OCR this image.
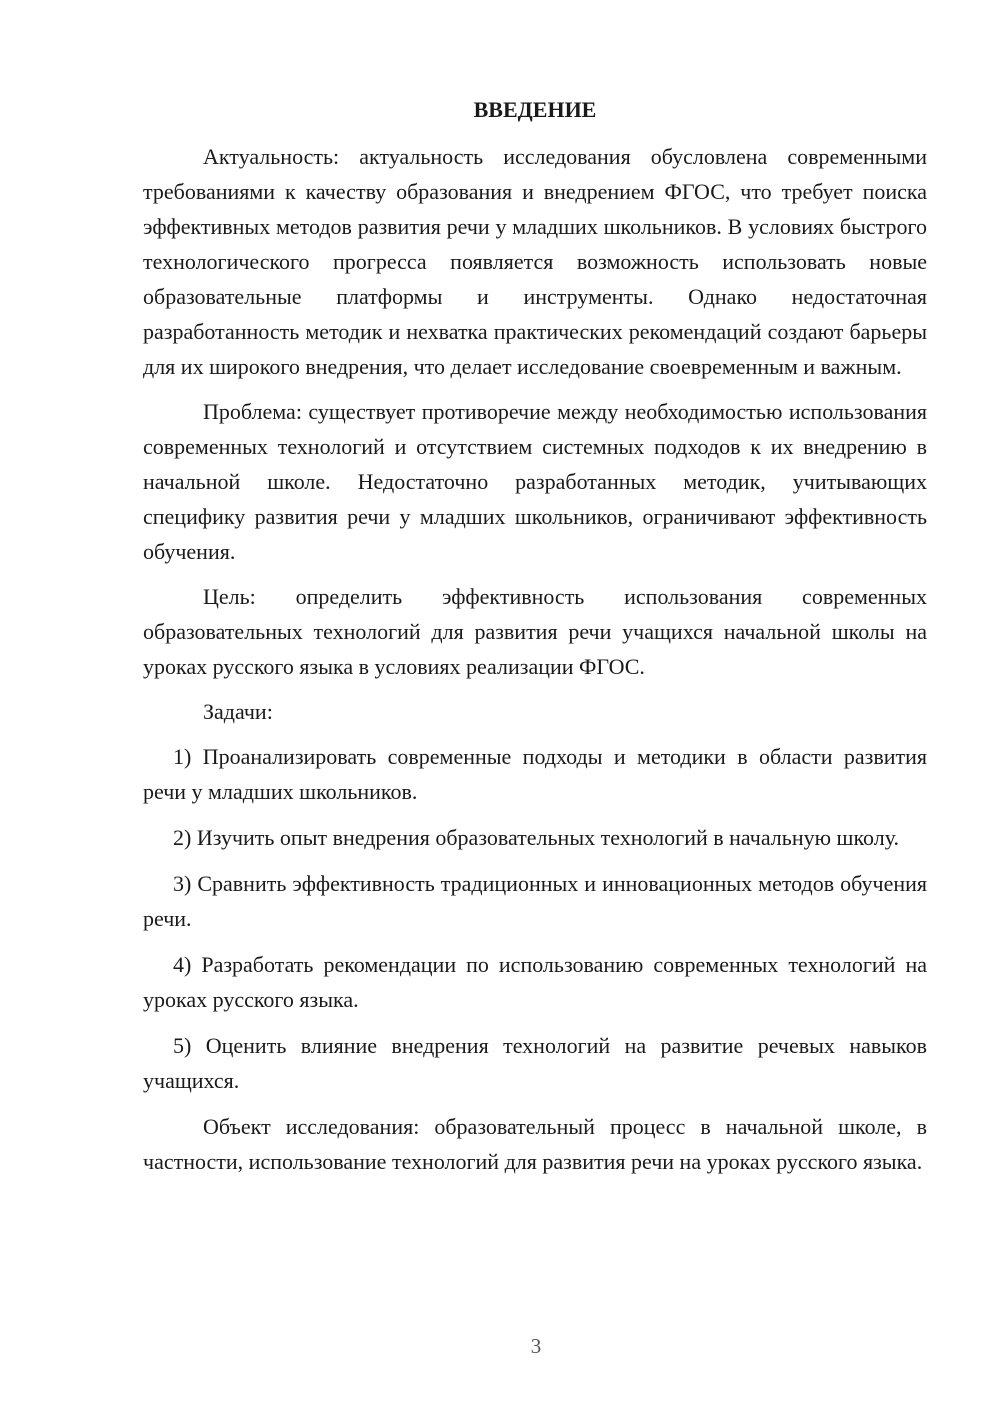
ВВЕДЕНИЕ

Актуальность: актуальность исследования обусловлена современными требованиями к качеству образования и внедрением ФГОС, что требует поиска эффективных методов развития речи у младших школьников. В условиях быстрого технологического прогресса появляется возможность использовать новые образовательные платформы и инструменты. Однако недостаточная разработанность методик и нехватка практических рекомендаций создают барьеры для их широкого внедрения, что делает исследование своевременным и важным.

Проблема: существует противоречие между необходимостью использования современных технологий и отсутствием системных подходов к их внедрению в начальной школе. Недостаточно разработанных методик, учитывающих специфику развития речи у младших школьников, ограничивают эффективность обучения.

Цель: определить эффективность использования современных образовательных технологий для развития речи учащихся начальной школы на уроках русского языка в условиях реализации ФГОС.

Задачи:

1) Проанализировать современные подходы и методики в области развития речи у младших школьников.

2) Изучить опыт внедрения образовательных технологий в начальную школу.

3) Сравнить эффективность традиционных и инновационных методов обучения речи.

4) Разработать рекомендации по использованию современных технологий на уроках русского языка.

5) Оценить влияние внедрения технологий на развитие речевых навыков учащихся.

Объект исследования: образовательный процесс в начальной школе, в частности, использование технологий для развития речи на уроках русского языка.

3
